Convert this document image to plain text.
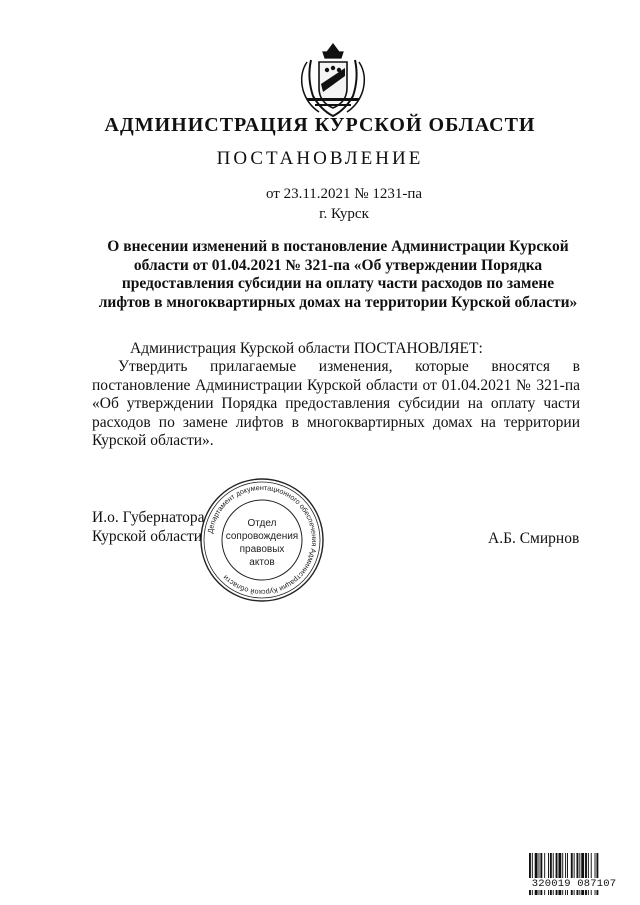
АДМИНИСТРАЦИЯ КУРСКОЙ ОБЛАСТИ
ПОСТАНОВЛЕНИЕ
от 23.11.2021 № 1231-па
г. Курск
О внесении изменений в постановление Администрации Курской области от 01.04.2021 № 321-па «Об утверждении Порядка предоставления субсидии на оплату части расходов по замене лифтов в многоквартирных домах на территории Курской области»
Администрация Курской области ПОСТАНОВЛЯЕТ:
Утвердить прилагаемые изменения, которые вносятся в постановление Администрации Курской области от 01.04.2021 № 321-па «Об утверждении Порядка предоставления субсидии на оплату части расходов по замене лифтов в многоквартирных домах на территории Курской области».
И.о. Губернатора
Курской области Департамент документационного обеспечения Администрации Курской области
Отдел
сопровождения
правовых
актов
А.Б. Смирнов
320019 087107
